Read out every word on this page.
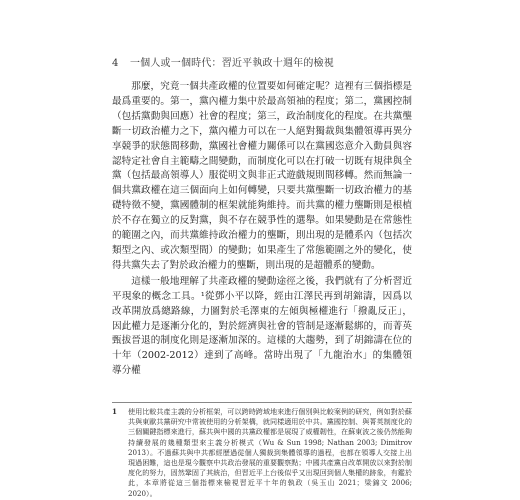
4 一個人或一個時代：習近平執政十週年的檢視

那麼，究竟一個共產政權的位置要如何確定呢？這裡有三個指標是最爲重要的。第一，黨內權力集中於最高領袖的程度；第二，黨國控制（包括黨動與回應）社會的程度；第三，政治制度化的程度。在共黨壟斷一切政治權力之下，黨內權力可以在一人絕對獨裁與集體領導再異分享競爭的狀態間移動，黨國社會權力關係可以在黨國恣意介入動員與容認特定社會自主範疇之間變動，而制度化可以在打破一切既有規律與全黨（包括最高領導人）服從明文與非正式遊戲規則間移轉。然而無論一個共黨政權在這三個面向上如何轉變，只要共黨壟斷一切政治權力的基礎特徵不變，黨國體制的框架就能夠維持。而共黨的權力壟斷則是根植於不存在獨立的反對黨，與不存在競爭性的選舉。如果變動是在常態性的範圍之內，而共黨維持政治權力的壟斷，則出現的是體系內（包括次類型之內、或次類型間）的變動；如果產生了常態範圍之外的變化，使得共黨失去了對於政治權力的壟斷，則出現的是超體系的變動。

這樣一般地理解了共產政權的變動途徑之後，我們就有了分析習近平現象的概念工具。¹從鄧小平以降，經由江澤民再到胡錦濤，因爲以改革開放爲總路線，力圖對於毛澤東的左傾與極權進行「撥亂反正」，因此權力是逐漸分化的，對於經濟與社會的管制是逐漸鬆綁的，而菁英甄拔晉退的制度化則是逐漸加深的。這樣的大趨勢，到了胡錦濤在位的十年（2002-2012）達到了高峰。當時出現了「九龍治水」的集體領導分權

1 使用比較共產主義的分析框架，可以跨時跨域地來進行個別與比較案例的研究，例如對於蘇共與東歐共黨研究中常被使用的分析架構，就同樣適用於中共。黨國控制、與菁英制度化的三個關鍵指標來進行，蘇共與中國的共黨政權都是展現了威權韌性，在蘇東波之後仍然能夠持續發展的幾種類型來主義分析模式（Wu & Sun 1998; Nathan 2003; Dimitrov 2013）。不過蘇共與中共都經歷過從個人獨裁到集體領導的過程，也都在領導人交接上出現過困難，這也是現今觀察中共政治發展的重要觀察點；中國共產黨自改革開放以來對於制度化的努力，固然鞏固了其統治，但習近平上台後似乎又出現回到個人集權的跡象，有鑑於此，本章將從這三個指標來檢視習近平十年的執政（吳玉山 2021；梁錦文 2006; 2020）。
